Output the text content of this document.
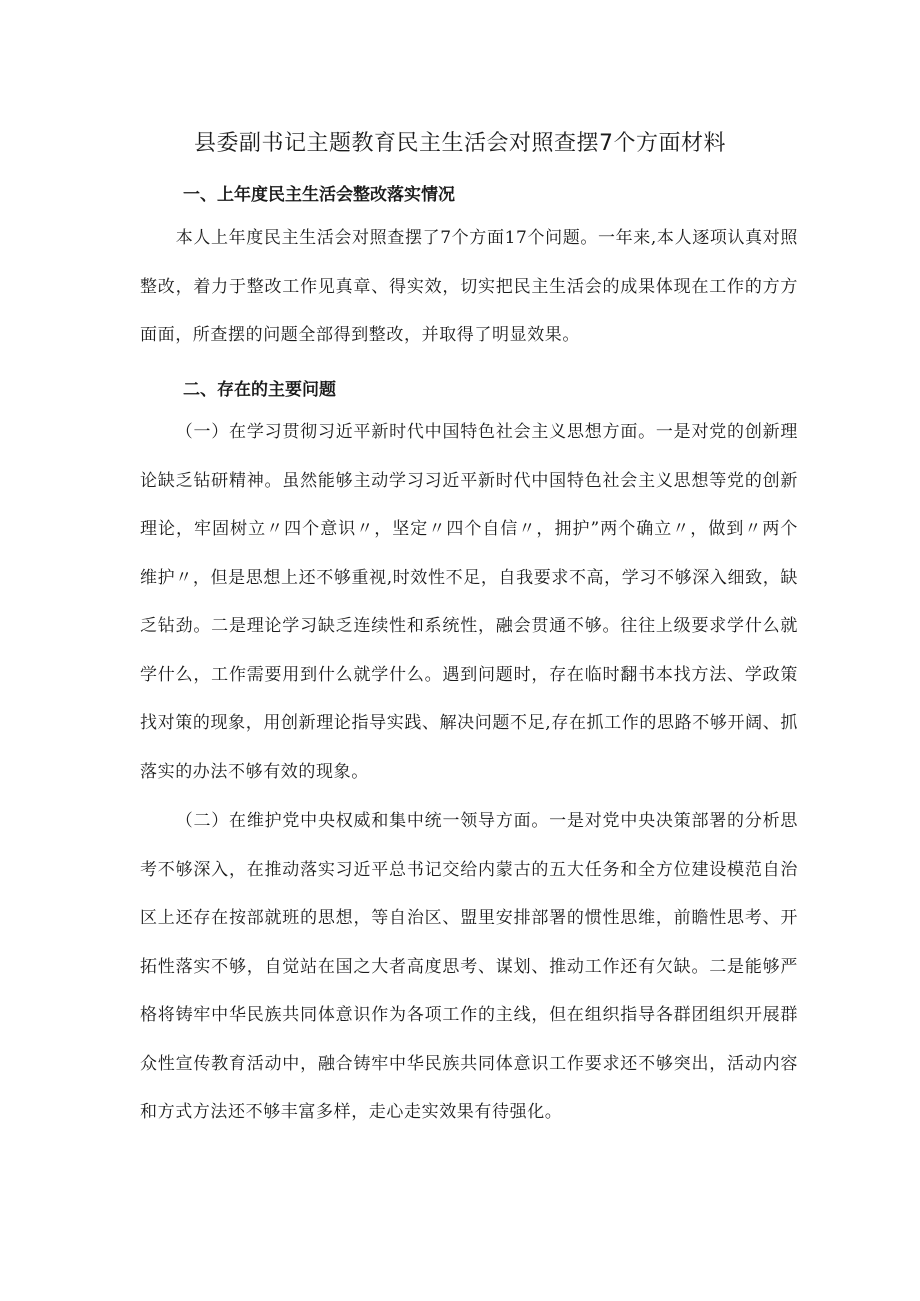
县委副书记主题教育民主生活会对照查摆7个方面材料
一、上年度民主生活会整改落实情况

本人上年度民主生活会对照查摆了7个方面17个问题。一年来,本人逐项认真对照整改，着力于整改工作见真章、得实效，切实把民主生活会的成果体现在工作的方方面面，所查摆的问题全部得到整改，并取得了明显效果。

二、存在的主要问题

（一）在学习贯彻习近平新时代中国特色社会主义思想方面。一是对党的创新理论缺乏钻研精神。虽然能够主动学习习近平新时代中国特色社会主义思想等党的创新理论，牢固树立〃四个意识〃，坚定〃四个自信〃，拥护”两个确立〃，做到〃两个维护〃，但是思想上还不够重视,时效性不足，自我要求不高，学习不够深入细致，缺乏钻劲。二是理论学习缺乏连续性和系统性，融会贯通不够。往往上级要求学什么就学什么，工作需要用到什么就学什么。遇到问题时，存在临时翻书本找方法、学政策找对策的现象，用创新理论指导实践、解决问题不足,存在抓工作的思路不够开阔、抓落实的办法不够有效的现象。

（二）在维护党中央权威和集中统一领导方面。一是对党中央决策部署的分析思考不够深入，在推动落实习近平总书记交给内蒙古的五大任务和全方位建设模范自治区上还存在按部就班的思想，等自治区、盟里安排部署的惯性思维，前瞻性思考、开拓性落实不够，自觉站在国之大者高度思考、谋划、推动工作还有欠缺。二是能够严格将铸牢中华民族共同体意识作为各项工作的主线，但在组织指导各群团组织开展群众性宣传教育活动中，融合铸牢中华民族共同体意识工作要求还不够突出，活动内容和方式方法还不够丰富多样，走心走实效果有待强化。
